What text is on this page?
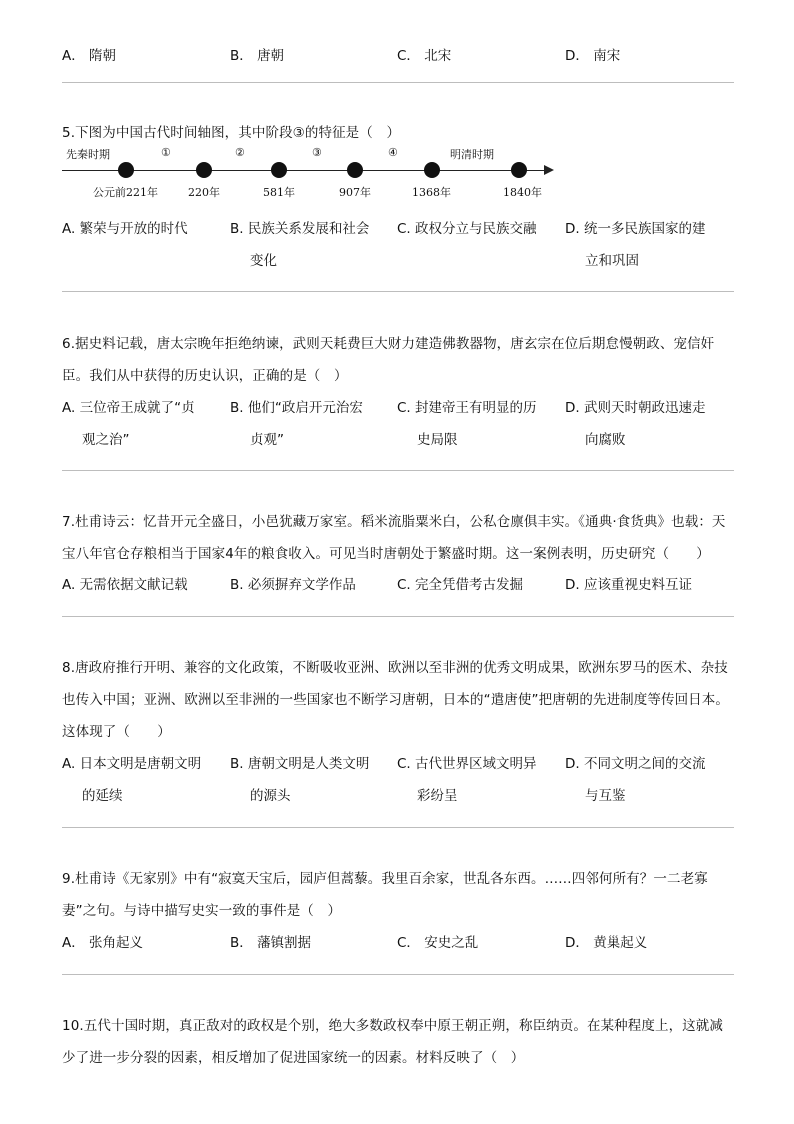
A． 隋朝	B． 唐朝	C． 北宋	D． 南宋
5.下图为中国古代时间轴图，其中阶段③的特征是（　）
先秦时期	①	②	③	④	明清时期
公元前221年	220年	581年	907年	1368年	1840年
A. 繁荣与开放的时代	B. 民族关系发展和社会
变化
C. 政权分立与民族交融	D. 统一多民族国家的建
立和巩固
6.据史料记载，唐太宗晚年拒绝纳谏，武则天耗费巨大财力建造佛教器物，唐玄宗在位后期怠慢朝政、宠信奸臣。我们从中获得的历史认识，正确的是（　）
A. 三位帝王成就了“贞
观之治”
B. 他们“政启开元治宏
贞观”
C. 封建帝王有明显的历
史局限
D. 武则天时朝政迅速走
向腐败
7.杜甫诗云：忆昔开元全盛日，小邑犹藏万家室。稻米流脂粟米白，公私仓廪俱丰实。《通典·食货典》也载：天宝八年官仓存粮相当于国家4年的粮食收入。可见当时唐朝处于繁盛时期。这一案例表明，历史研究（　　）
A. 无需依据文献记载	B. 必须摒弃文学作品	C. 完全凭借考古发掘	D. 应该重视史料互证
8.唐政府推行开明、兼容的文化政策，不断吸收亚洲、欧洲以至非洲的优秀文明成果，欧洲东罗马的医术、杂技也传入中国；亚洲、欧洲以至非洲的一些国家也不断学习唐朝，日本的“遣唐使”把唐朝的先进制度等传回日本。这体现了（　　）
A. 日本文明是唐朝文明
的延续
B. 唐朝文明是人类文明
的源头
C. 古代世界区域文明异
彩纷呈
D. 不同文明之间的交流
与互鉴
9.杜甫诗《无家别》中有“寂寞天宝后，园庐但蒿藜。我里百余家，世乱各东西。……四邻何所有？一二老寡妻”之句。与诗中描写史实一致的事件是（　）
A． 张角起义	B． 藩镇割据	C． 安史之乱	D． 黄巢起义
10.五代十国时期，真正敌对的政权是个别，绝大多数政权奉中原王朝正朔，称臣纳贡。在某种程度上，这就减少了进一步分裂的因素，相反增加了促进国家统一的因素。材料反映了（　）
